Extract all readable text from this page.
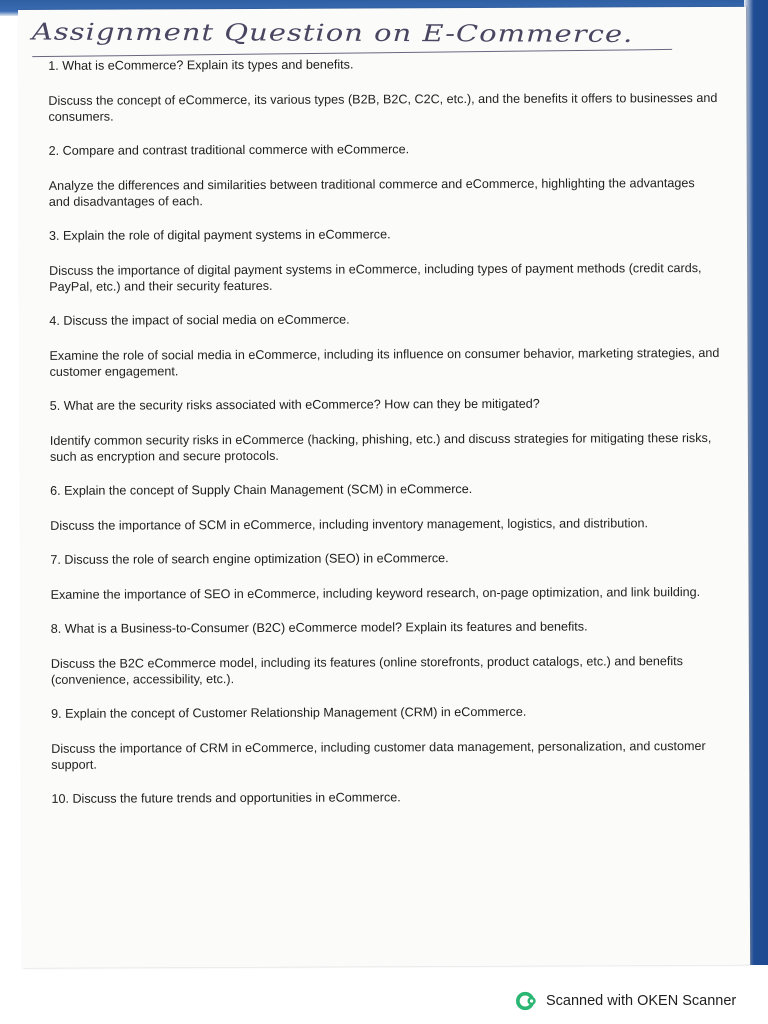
Assignment Question on E-Commerce.

1. What is eCommerce? Explain its types and benefits.

Discuss the concept of eCommerce, its various types (B2B, B2C, C2C, etc.), and the benefits it offers to businesses and consumers.

2. Compare and contrast traditional commerce with eCommerce.

Analyze the differences and similarities between traditional commerce and eCommerce, highlighting the advantages and disadvantages of each.

3. Explain the role of digital payment systems in eCommerce.

Discuss the importance of digital payment systems in eCommerce, including types of payment methods (credit cards, PayPal, etc.) and their security features.

4. Discuss the impact of social media on eCommerce.

Examine the role of social media in eCommerce, including its influence on consumer behavior, marketing strategies, and customer engagement.

5. What are the security risks associated with eCommerce? How can they be mitigated?

Identify common security risks in eCommerce (hacking, phishing, etc.) and discuss strategies for mitigating these risks, such as encryption and secure protocols.

6. Explain the concept of Supply Chain Management (SCM) in eCommerce.

Discuss the importance of SCM in eCommerce, including inventory management, logistics, and distribution.

7. Discuss the role of search engine optimization (SEO) in eCommerce.

Examine the importance of SEO in eCommerce, including keyword research, on-page optimization, and link building.

8. What is a Business-to-Consumer (B2C) eCommerce model? Explain its features and benefits.

Discuss the B2C eCommerce model, including its features (online storefronts, product catalogs, etc.) and benefits (convenience, accessibility, etc.).

9. Explain the concept of Customer Relationship Management (CRM) in eCommerce.

Discuss the importance of CRM in eCommerce, including customer data management, personalization, and customer support.

10. Discuss the future trends and opportunities in eCommerce.

Scanned with OKEN Scanner
